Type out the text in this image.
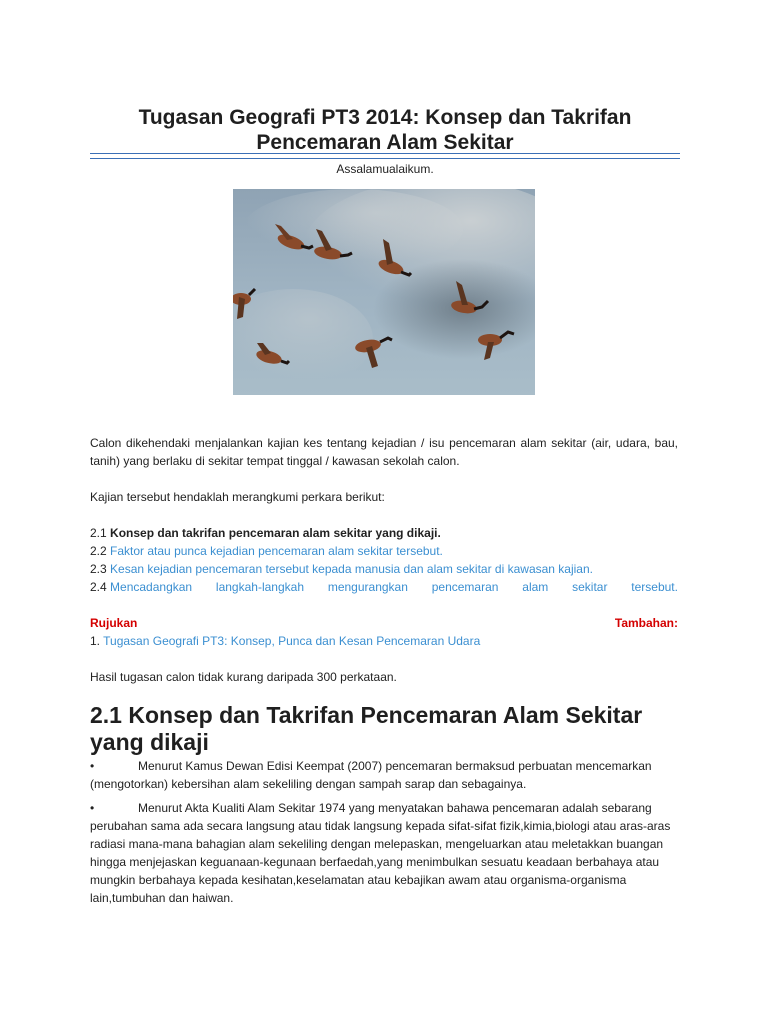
Tugasan Geografi PT3 2014: Konsep dan Takrifan Pencemaran Alam Sekitar
Assalamualaikum.
Calon dikehendaki menjalankan kajian kes tentang kejadian / isu pencemaran alam sekitar (air, udara, bau, tanih) yang berlaku di sekitar tempat tinggal / kawasan sekolah calon.
Kajian tersebut hendaklah merangkumi perkara berikut:
2.1 Konsep dan takrifan pencemaran alam sekitar yang dikaji.
2.2 Faktor atau punca kejadian pencemaran alam sekitar tersebut.
2.3 Kesan kejadian pencemaran tersebut kepada manusia dan alam sekitar di kawasan kajian.
2.4 Mencadangkan langkah-langkah mengurangkan pencemaran alam sekitar tersebut.
Rujukan	Tambahan:
1. Tugasan Geografi PT3: Konsep, Punca dan Kesan Pencemaran Udara
Hasil tugasan calon tidak kurang daripada 300 perkataan.
2.1 Konsep dan Takrifan Pencemaran Alam Sekitar yang dikaji
•	Menurut Kamus Dewan Edisi Keempat (2007) pencemaran bermaksud perbuatan mencemarkan (mengotorkan) kebersihan alam sekeliling dengan sampah sarap dan sebagainya.
•	Menurut Akta Kualiti Alam Sekitar 1974 yang menyatakan bahawa pencemaran adalah sebarang perubahan sama ada secara langsung atau tidak langsung kepada sifat-sifat fizik,kimia,biologi atau aras-aras radiasi mana-mana bahagian alam sekeliling dengan melepaskan, mengeluarkan atau meletakkan buangan hingga menjejaskan keguanaan-kegunaan berfaedah,yang menimbulkan sesuatu keadaan berbahaya atau mungkin berbahaya kepada kesihatan,keselamatan atau kebajikan awam atau organisma-organisma lain,tumbuhan dan haiwan.
